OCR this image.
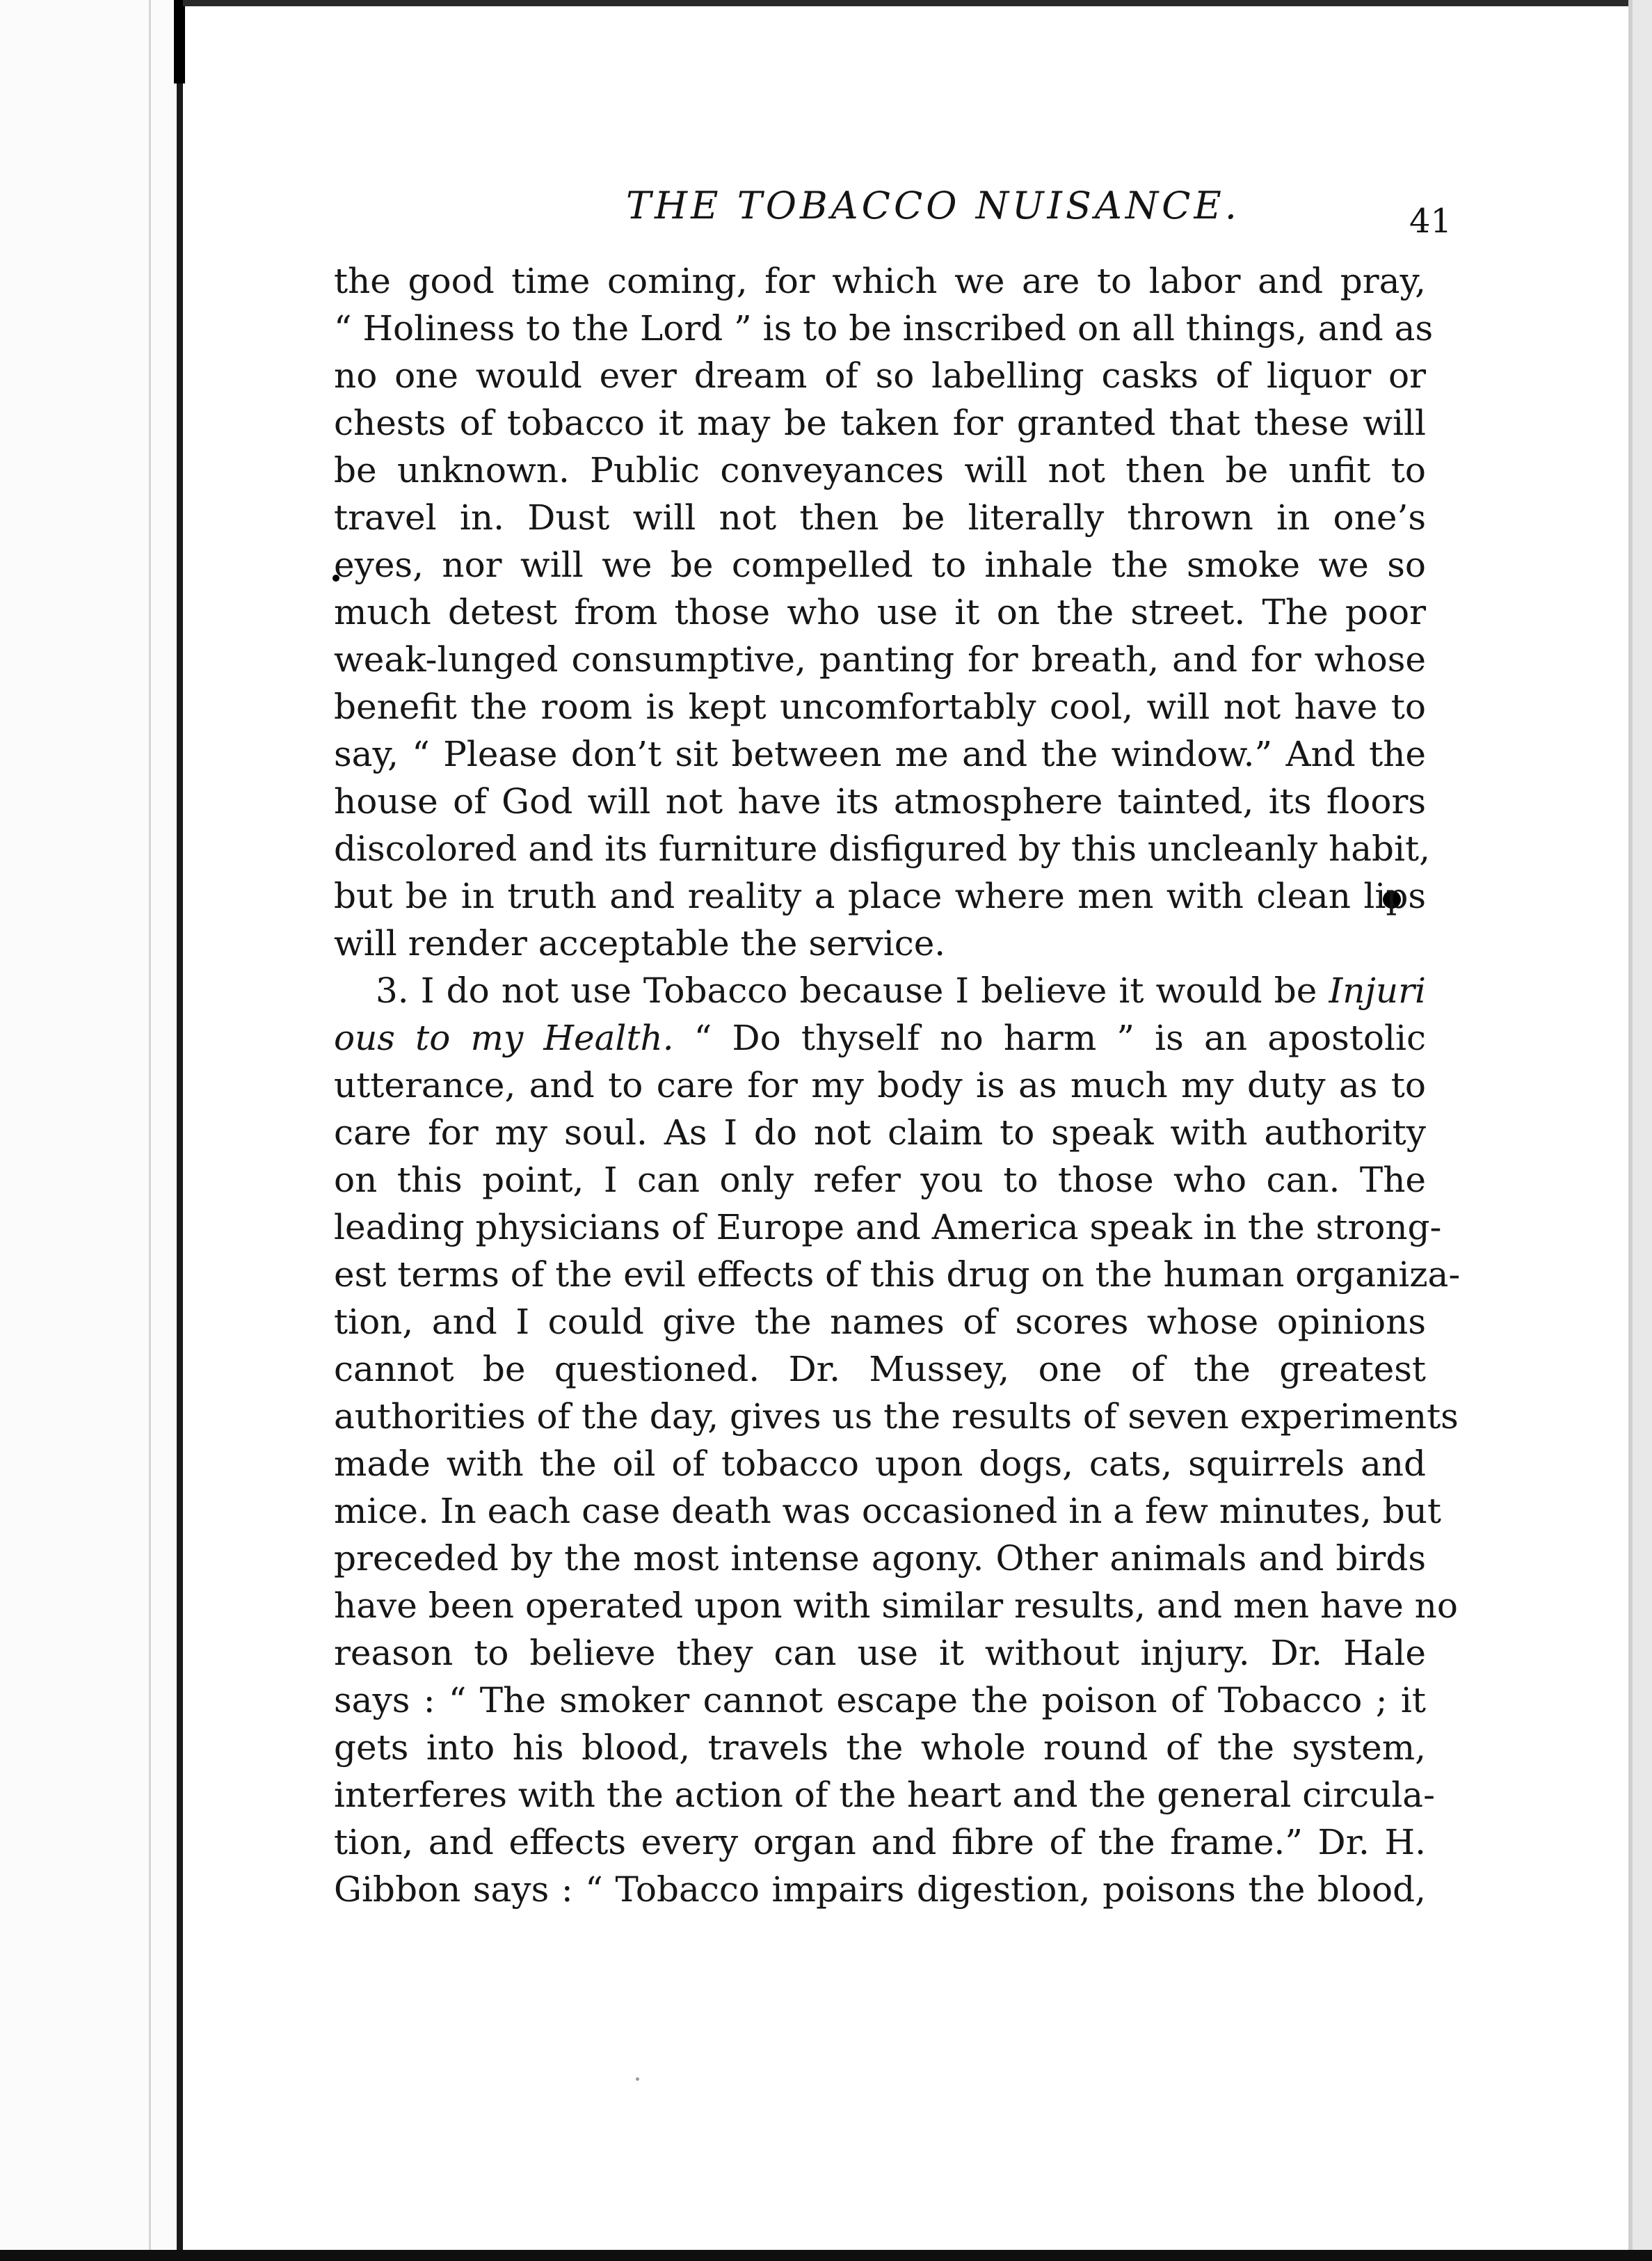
THE TOBACCO NUISANCE.	41
the good time coming, for which we are to labor and pray,
“ Holiness to the Lord ” is to be inscribed on all things, and as
no one would ever dream of so labelling casks of liquor or
chests of tobacco it may be taken for granted that these will
be unknown. Public conveyances will not then be unfit to
travel in. Dust will not then be literally thrown in one’s
eyes, nor will we be compelled to inhale the smoke we so
much detest from those who use it on the street. The poor
weak-lunged consumptive, panting for breath, and for whose
benefit the room is kept uncomfortably cool, will not have to
say, “ Please don’t sit between me and the window.” And the
house of God will not have its atmosphere tainted, its floors
discolored and its furniture disfigured by this uncleanly habit,
but be in truth and reality a place where men with clean lips
will render acceptable the service.
3. I do not use Tobacco because I believe it would be Injuri
ous to my Health. “ Do thyself no harm ” is an apostolic
utterance, and to care for my body is as much my duty as to
care for my soul. As I do not claim to speak with authority
on this point, I can only refer you to those who can. The
leading physicians of Europe and America speak in the strong-
est terms of the evil effects of this drug on the human organiza-
tion, and I could give the names of scores whose opinions
cannot be questioned. Dr. Mussey, one of the greatest
authorities of the day, gives us the results of seven experiments
made with the oil of tobacco upon dogs, cats, squirrels and
mice. In each case death was occasioned in a few minutes, but
preceded by the most intense agony. Other animals and birds
have been operated upon with similar results, and men have no
reason to believe they can use it without injury. Dr. Hale
says : “ The smoker cannot escape the poison of Tobacco ; it
gets into his blood, travels the whole round of the system,
interferes with the action of the heart and the general circula-
tion, and effects every organ and fibre of the frame.” Dr. H.
Gibbon says : “ Tobacco impairs digestion, poisons the blood,
